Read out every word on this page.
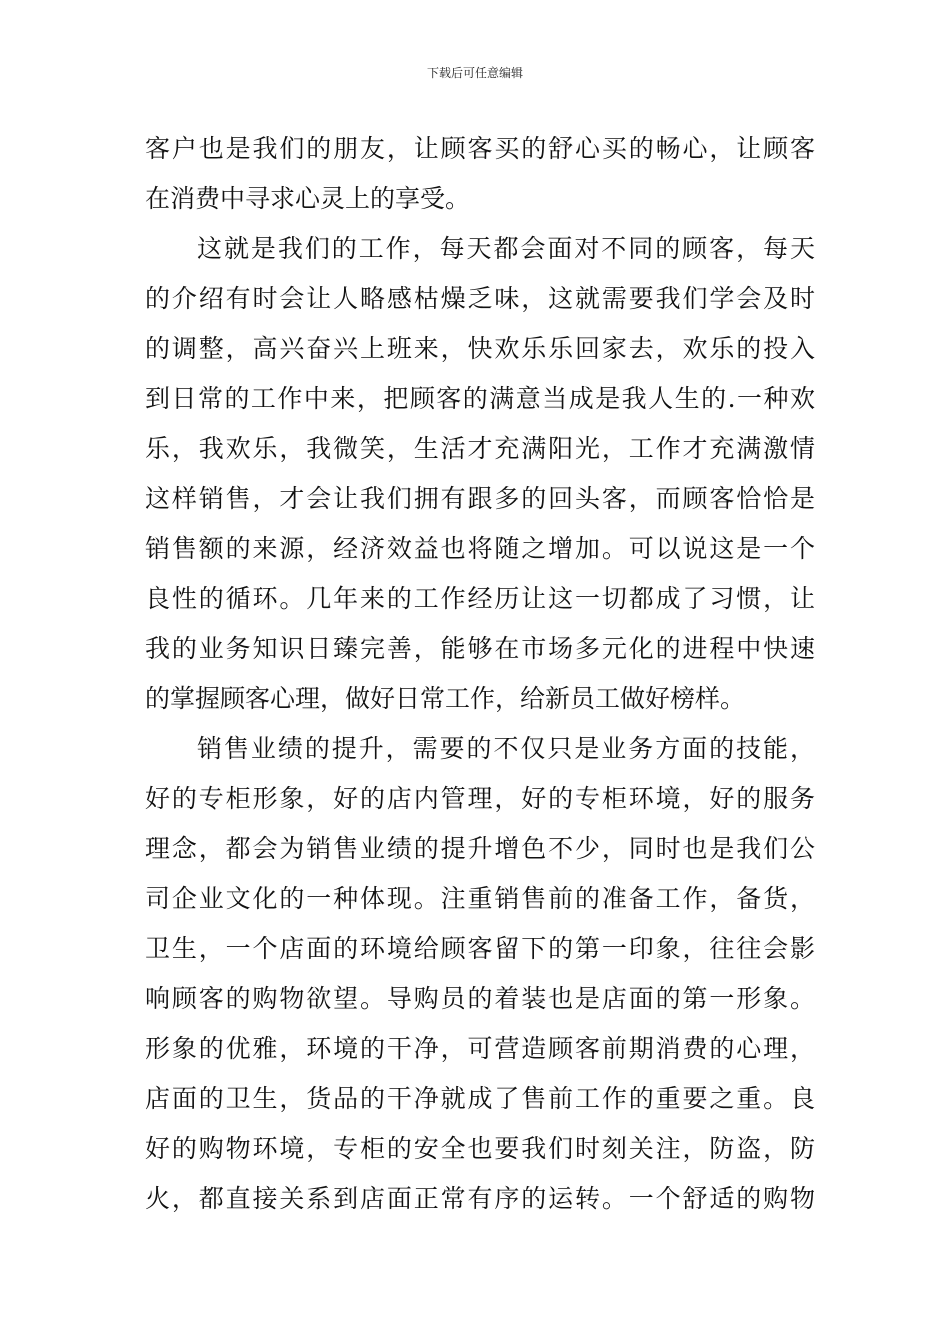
下载后可任意编辑
客户也是我们的朋友，让顾客买的舒心买的畅心，让顾客
在消费中寻求心灵上的享受。
这就是我们的工作，每天都会面对不同的顾客，每天
的介绍有时会让人略感枯燥乏味，这就需要我们学会及时
的调整，高兴奋兴上班来，快欢乐乐回家去，欢乐的投入
到日常的工作中来，把顾客的满意当成是我人生的.一种欢
乐，我欢乐，我微笑，生活才充满阳光，工作才充满激情
这样销售，才会让我们拥有跟多的回头客，而顾客恰恰是
销售额的来源，经济效益也将随之增加。可以说这是一个
良性的循环。几年来的工作经历让这一切都成了习惯，让
我的业务知识日臻完善，能够在市场多元化的进程中快速
的掌握顾客心理，做好日常工作，给新员工做好榜样。
销售业绩的提升，需要的不仅只是业务方面的技能，
好的专柜形象，好的店内管理，好的专柜环境，好的服务
理念，都会为销售业绩的提升增色不少，同时也是我们公
司企业文化的一种体现。注重销售前的准备工作，备货，
卫生，一个店面的环境给顾客留下的第一印象，往往会影
响顾客的购物欲望。导购员的着装也是店面的第一形象。
形象的优雅，环境的干净，可营造顾客前期消费的心理，
店面的卫生，货品的干净就成了售前工作的重要之重。良
好的购物环境，专柜的安全也要我们时刻关注，防盗，防
火，都直接关系到店面正常有序的运转。一个舒适的购物
